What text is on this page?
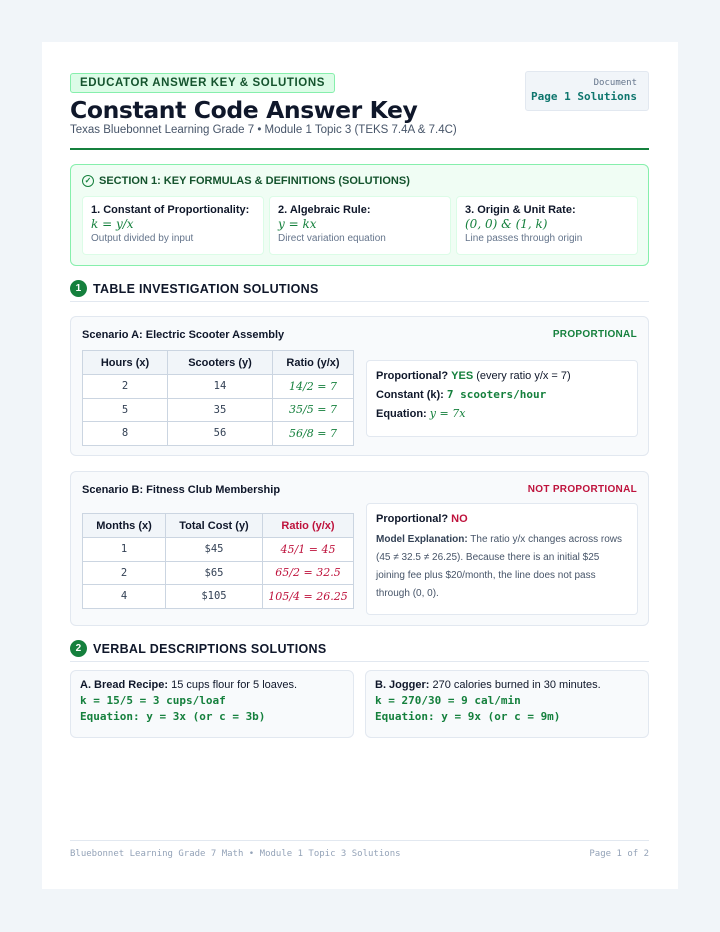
EDUCATOR ANSWER KEY & SOLUTIONS
Constant Code Answer Key
Texas Bluebonnet Learning Grade 7 • Module 1 Topic 3 (TEKS 7.4A & 7.4C)
Document
Page 1 Solutions
✓ SECTION 1: KEY FORMULAS & DEFINITIONS (SOLUTIONS)
1. Constant of Proportionality:
k = y/x
Output divided by input
2. Algebraic Rule:
y = kx
Direct variation equation
3. Origin & Unit Rate:
(0, 0) & (1, k)
Line passes through origin
1 TABLE INVESTIGATION SOLUTIONS
Scenario A: Electric Scooter Assembly	PROPORTIONAL
Hours (x)	Scooters (y)	Ratio (y/x)
2	14	14/2 = 7
5	35	35/5 = 7
8	56	56/8 = 7
Proportional? YES (every ratio y/x = 7)
Constant (k): 7 scooters/hour
Equation: y = 7x
Scenario B: Fitness Club Membership	NOT PROPORTIONAL
Months (x)	Total Cost (y)	Ratio (y/x)
1	$45	45/1 = 45
2	$65	65/2 = 32.5
4	$105	105/4 = 26.25
Proportional? NO
Model Explanation: The ratio y/x changes across rows (45 ≠ 32.5 ≠ 26.25). Because there is an initial $25 joining fee plus $20/month, the line does not pass through (0, 0).
2 VERBAL DESCRIPTIONS SOLUTIONS
A. Bread Recipe: 15 cups flour for 5 loaves.
k = 15/5 = 3 cups/loaf
Equation: y = 3x (or c = 3b)
B. Jogger: 270 calories burned in 30 minutes.
k = 270/30 = 9 cal/min
Equation: y = 9x (or c = 9m)
Bluebonnet Learning Grade 7 Math • Module 1 Topic 3 Solutions	Page 1 of 2
